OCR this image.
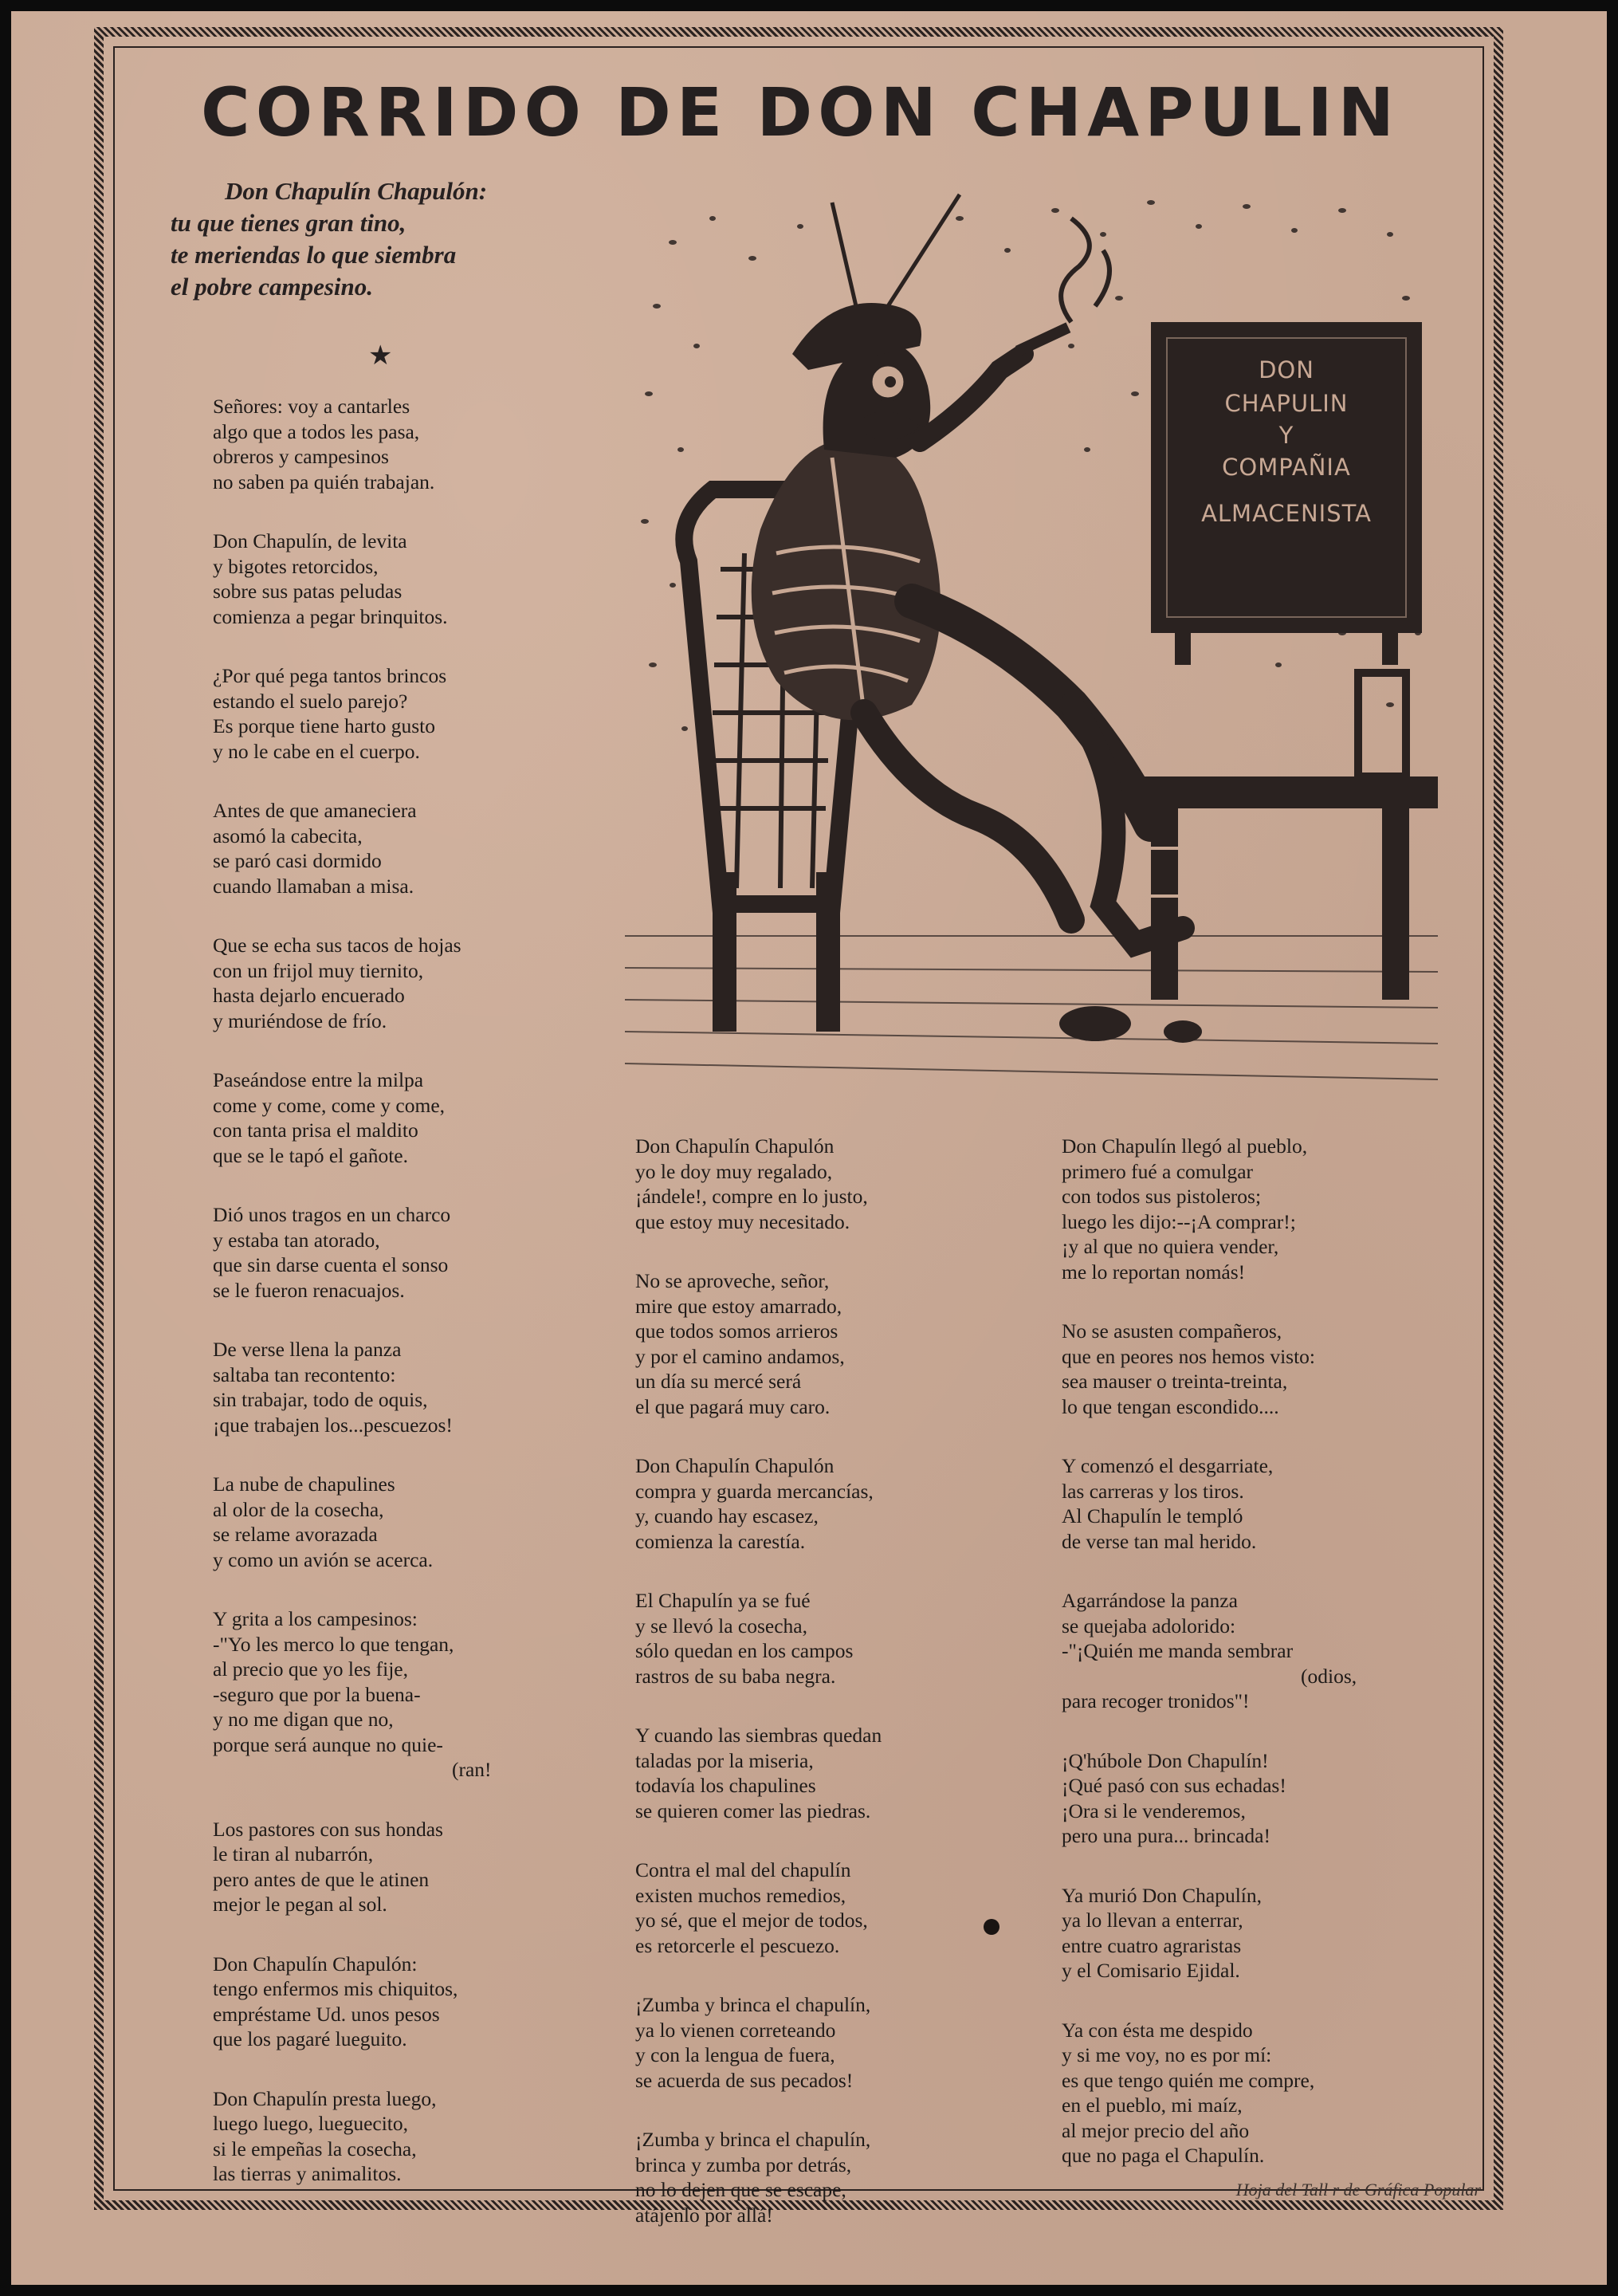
CORRIDO DE DON CHAPULIN
Don Chapulín Chapulón:
tu que tienes gran tino,
te meriendas lo que siembra
el pobre campesino.
★	DON
CHAPULIN
Y
COMPAÑIA
ALMACENISTA
Señores: voy a cantarles
algo que a todos les pasa,
obreros y campesinos
no saben pa quién trabajan.
Don Chapulín, de levita
y bigotes retorcidos,
sobre sus patas peludas
comienza a pegar brinquitos.
¿Por qué pega tantos brincos
estando el suelo parejo?
Es porque tiene harto gusto
y no le cabe en el cuerpo.
Antes de que amaneciera
asomó la cabecita,
se paró casi dormido
cuando llamaban a misa.
Que se echa sus tacos de hojas
con un frijol muy tiernito,
hasta dejarlo encuerado
y muriéndose de frío.
Paseándose entre la milpa
come y come, come y come,
con tanta prisa el maldito
que se le tapó el gañote.
Dió unos tragos en un charco
y estaba tan atorado,
que sin darse cuenta el sonso
se le fueron renacuajos.
De verse llena la panza
saltaba tan recontento:
sin trabajar, todo de oquis,
¡que trabajen los...pescuezos!
La nube de chapulines
al olor de la cosecha,
se relame avorazada
y como un avión se acerca.
Y grita a los campesinos:
-"Yo les merco lo que tengan,
al precio que yo les fije,
-seguro que por la buena-
y no me digan que no,
porque será aunque no quie-
(ran!
Los pastores con sus hondas
le tiran al nubarrón,
pero antes de que le atinen
mejor le pegan al sol.
Don Chapulín Chapulón:
tengo enfermos mis chiquitos,
empréstame Ud. unos pesos
que los pagaré lueguito.
Don Chapulín presta luego,
luego luego, lueguecito,
si le empeñas la cosecha,
las tierras y animalitos.
Don Chapulín Chapulón
yo le doy muy regalado,
¡ándele!, compre en lo justo,
que estoy muy necesitado.
No se aproveche, señor,
mire que estoy amarrado,
que todos somos arrieros
y por el camino andamos,
un día su mercé será
el que pagará muy caro.
Don Chapulín Chapulón
compra y guarda mercancías,
y, cuando hay escasez,
comienza la carestía.
El Chapulín ya se fué
y se llevó la cosecha,
sólo quedan en los campos
rastros de su baba negra.
Y cuando las siembras quedan
taladas por la miseria,
todavía los chapulines
se quieren comer las piedras.
Contra el mal del chapulín
existen muchos remedios,
yo sé, que el mejor de todos,
es retorcerle el pescuezo.
¡Zumba y brinca el chapulín,
ya lo vienen correteando
y con la lengua de fuera,
se acuerda de sus pecados!
¡Zumba y brinca el chapulín,
brinca y zumba por detrás,
no lo dejen que se escape,
atájenlo por allá!
Don Chapulín llegó al pueblo,
primero fué a comulgar
con todos sus pistoleros;
luego les dijo:--¡A comprar!;
¡y al que no quiera vender,
me lo reportan nomás!
No se asusten compañeros,
que en peores nos hemos visto:
sea mauser o treinta-treinta,
lo que tengan escondido....
Y comenzó el desgarriate,
las carreras y los tiros.
Al Chapulín le templó
de verse tan mal herido.
Agarrándose la panza
se quejaba adolorido:
-"¡Quién me manda sembrar
(odios,
para recoger tronidos"!
¡Q'húbole Don Chapulín!
¡Qué pasó con sus echadas!
¡Ora si le venderemos,
pero una pura... brincada!
Ya murió Don Chapulín,
ya lo llevan a enterrar,
entre cuatro agraristas
y el Comisario Ejidal.
Ya con ésta me despido
y si me voy, no es por mí:
es que tengo quién me compre,
en el pueblo, mi maíz,
al mejor precio del año
que no paga el Chapulín.
Hoja del Tall r de Gráfica Popular
